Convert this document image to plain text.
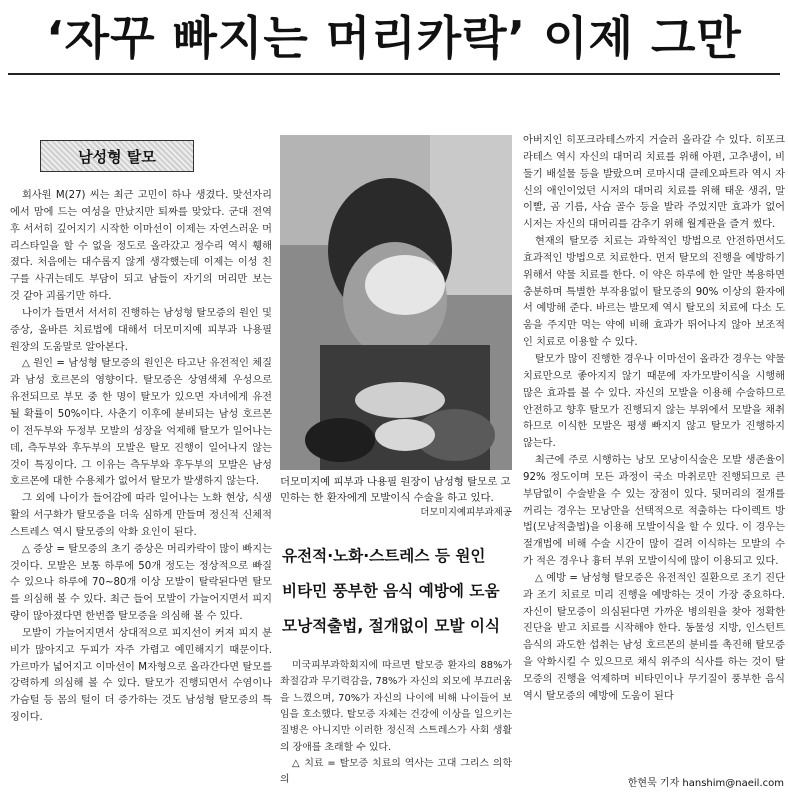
‘자꾸 빠지는 머리카락’ 이제 그만
남성형 탈모

회사원 M(27) 씨는 최근 고민이 하나 생겼다. 맞선자리에서 맘에 드는 여성을 만났지만 퇴짜를 맞았다. 군대 전역 후 서서히 깊어지기 시작한 이마선이 이제는 자연스러운 머리스타일을 할 수 없을 정도로 올라갔고 정수리 역시 휑해졌다. 처음에는 대수롭지 않게 생각했는데 이제는 이성 친구를 사귀는데도 부담이 되고 남들이 자기의 머리만 보는 것 같아 괴롭기만 하다.

나이가 들면서 서서히 진행하는 남성형 탈모증의 원인 및 증상, 올바른 치료법에 대해서 더모미지예 피부과 나용필 원장의 도움말로 알아본다.

△ 원인 = 남성형 탈모증의 원인은 타고난 유전적인 체질과 남성 호르몬의 영향이다. 탈모증은 상염색체 우성으로 유전되므로 부모 중 한 명이 탈모가 있으면 자녀에게 유전될 확률이 50%이다. 사춘기 이후에 분비되는 남성 호르몬이 전두부와 두정부 모발의 성장을 억제해 탈모가 일어나는데, 측두부와 후두부의 모발은 탈모 진행이 일어나지 않는 것이 특징이다. 그 이유는 측두부와 후두부의 모발은 남성 호르몬에 대한 수용체가 없어서 탈모가 발생하지 않는다.

그 외에 나이가 들어감에 따라 일어나는 노화 현상, 식생활의 서구화가 탈모증을 더욱 심하게 만들며 정신적 신체적 스트레스 역시 탈모증의 악화 요인이 된다.

△ 증상 = 탈모증의 초기 증상은 머리카락이 많이 빠지는 것이다. 모발은 보통 하루에 50개 정도는 정상적으로 빠질 수 있으나 하루에 70~80개 이상 모발이 탈락된다면 탈모를 의심해 볼 수 있다. 최근 들어 모발이 가늘어지면서 피지량이 많아졌다면 한번쯤 탈모증을 의심해 볼 수 있다.

모발이 가늘어지면서 상대적으로 피지선이 커져 피지 분비가 많아지고 두피가 자주 가렵고 예민해지기 때문이다. 가르마가 넓어지고 이마선이 M자형으로 올라간다면 탈모를 강력하게 의심해 볼 수 있다. 탈모가 진행되면서 수염이나 가슴털 등 몸의 털이 더 증가하는 것도 남성형 탈모증의 특징이다.

더모미지예 피부과 나용필 원장이 남성형 탈모로 고민하는 한 환자에게 모발이식 수술을 하고 있다.
더모미지예피부과제공
유전적·노화·스트레스 등 원인
비타민 풍부한 음식 예방에 도움
모낭적출법, 절개없이 모발 이식

미국피부과학회지에 따르면 탈모증 환자의 88%가 좌절감과 무기력감을, 78%가 자신의 외모에 부끄러움을 느꼈으며, 70%가 자신의 나이에 비해 나이들어 보임을 호소했다. 탈모증 자체는 건강에 이상을 일으키는 질병은 아니지만 이러한 정신적 스트레스가 사회 생활의 장애를 초래할 수 있다.

△ 치료 = 탈모증 치료의 역사는 고대 그리스 의학의

아버지인 히포크라테스까지 거슬러 올라갈 수 있다. 히포크라테스 역시 자신의 대머리 치료를 위해 아편, 고추냉이, 비둘기 배설물 등을 발랐으며 로마시대 클레오파트라 역시 자신의 애인이었던 시저의 대머리 치료를 위해 태운 생쥐, 말 이빨, 곰 기름, 사슴 골수 등을 발라 주었지만 효과가 없어 시저는 자신의 대머리를 감추기 위해 월계관을 즐겨 썼다.

현재의 탈모증 치료는 과학적인 방법으로 안전하면서도 효과적인 방법으로 치료한다. 먼저 탈모의 진행을 예방하기 위해서 약물 치료를 한다. 이 약은 하루에 한 알만 복용하면 충분하며 특별한 부작용없이 탈모증의 90% 이상의 환자에서 예방해 준다. 바르는 발모제 역시 탈모의 치료에 다소 도움을 주지만 먹는 약에 비해 효과가 뛰어나지 않아 보조적인 치료로 이용할 수 있다.

탈모가 많이 진행한 경우나 이마선이 올라간 경우는 약물 치료만으로 좋아지지 않기 때문에 자가모발이식을 시행해 많은 효과를 볼 수 있다. 자신의 모발을 이용해 수술하므로 안전하고 향후 탈모가 진행되지 않는 부위에서 모발을 채취하므로 이식한 모발은 평생 빠지지 않고 탈모가 진행하지 않는다.

최근에 주로 시행하는 낭모 모낭이식술은 모발 생존율이 92% 정도이며 모든 과정이 국소 마취로만 진행되므로 큰 부담없이 수술받을 수 있는 장점이 있다. 뒷머리의 절개를 꺼리는 경우는 모낭만을 선택적으로 적출하는 다이렉트 방법(모낭적출법)을 이용해 모발이식을 할 수 있다. 이 경우는 절개법에 비해 수술 시간이 많이 걸려 이식하는 모발의 수가 적은 경우나 흉터 부위 모발이식에 많이 이용되고 있다.

△ 예방 = 남성형 탈모증은 유전적인 질환으로 조기 진단과 조기 치료로 미리 진행을 예방하는 것이 가장 중요하다. 자신이 탈모증이 의심된다면 가까운 병의원을 찾아 정확한 진단을 받고 치료를 시작해야 한다. 동물성 지방, 인스턴트 음식의 과도한 섭취는 남성 호르몬의 분비를 촉진해 탈모증을 악화시킬 수 있으므로 채식 위주의 식사를 하는 것이 탈모증의 진행을 억제하며 비타민이나 무기질이 풍부한 음식 역시 탈모증의 예방에 도움이 된다

한현묵 기자 hanshim@naeil.com
